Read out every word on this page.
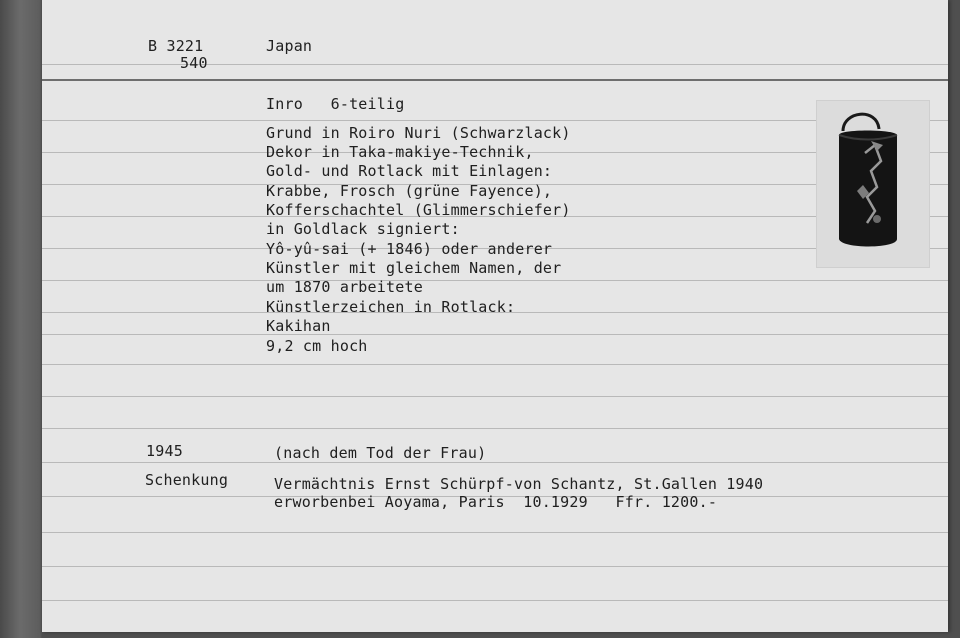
B 3221
540
Japan
Inro   6-teilig
Grund in Roiro Nuri (Schwarzlack)
Dekor in Taka-makiye-Technik,
Gold- und Rotlack mit Einlagen:
Krabbe, Frosch (grüne Fayence),
Kofferschachtel (Glimmerschiefer)
in Goldlack signiert:
Yô-yû-sai (+ 1846) oder anderer
Künstler mit gleichem Namen, der
um 1870 arbeitete
Künstlerzeichen in Rotlack:
Kakihan
9,2 cm hoch
1945	(nach dem Tod der Frau)
Schenkung	Vermächtnis Ernst Schürpf-von Schantz, St.Gallen 1940
erworbenbei Aoyama, Paris  10.1929   Ffr. 1200.-
